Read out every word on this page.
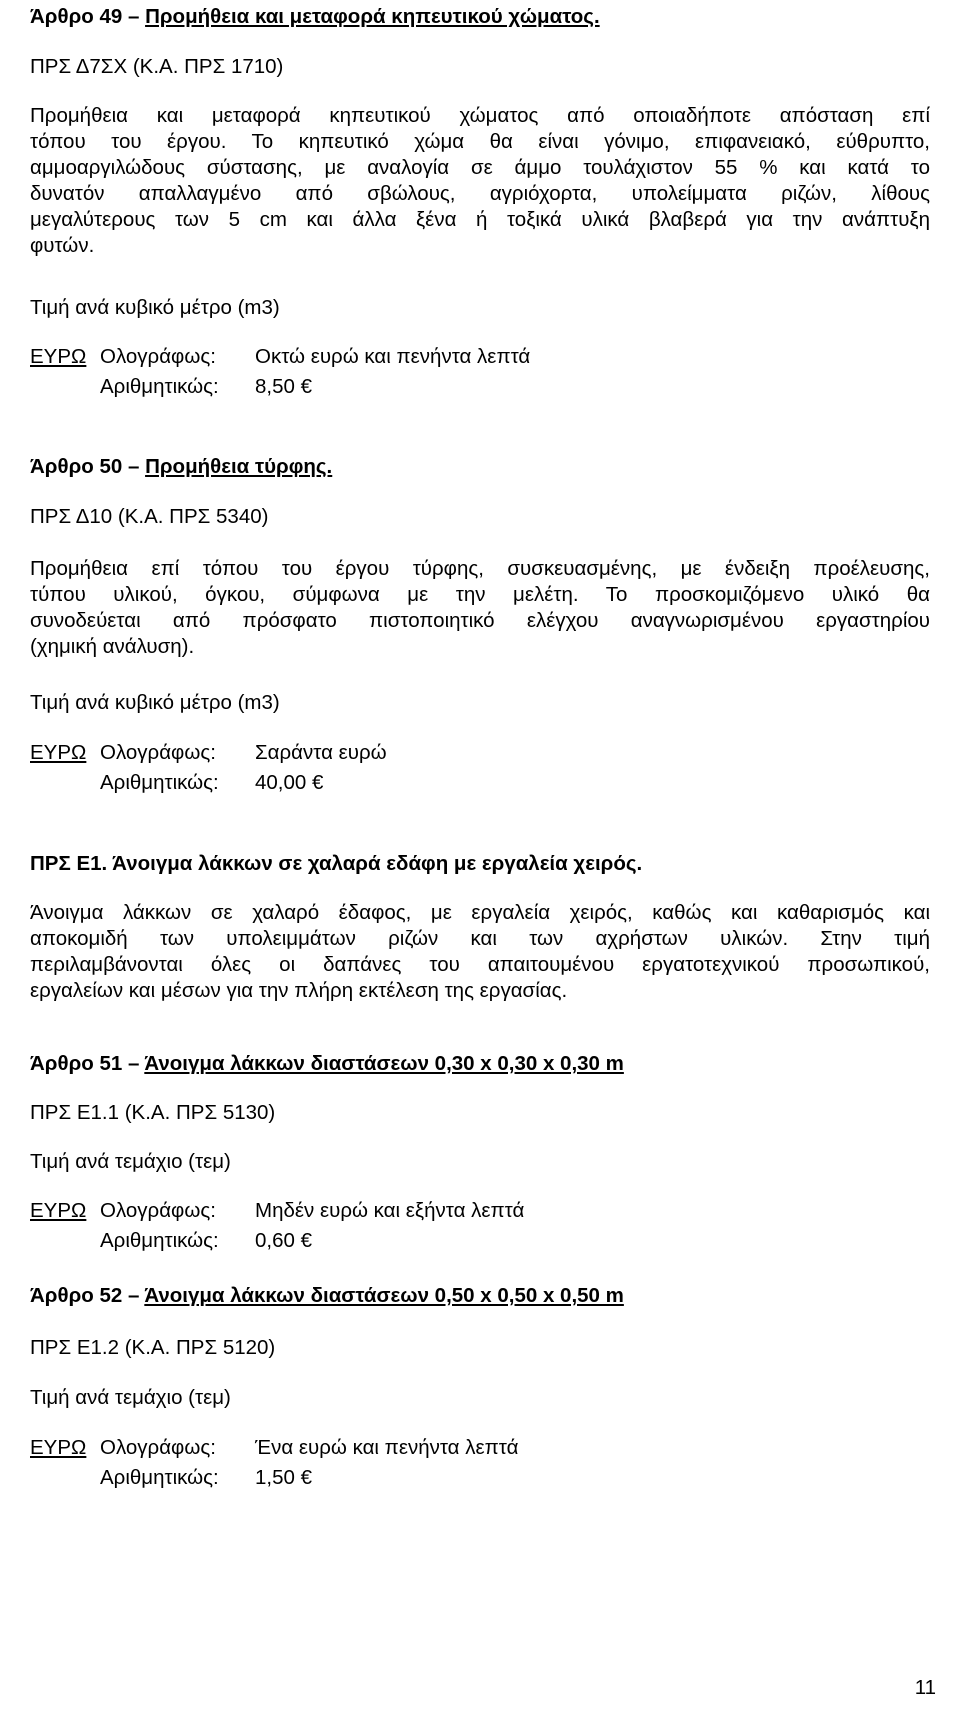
Άρθρο 49 – Προμήθεια και μεταφορά κηπευτικού χώματος.
ΠΡΣ Δ7ΣΧ (Κ.Α. ΠΡΣ 1710)

Προμήθεια και μεταφορά κηπευτικού χώματος από οποιαδήποτε απόσταση επί

τόπου του έργου. Το κηπευτικό χώμα θα είναι γόνιμο, επιφανειακό, εύθρυπτο,

αμμοαργιλώδους σύστασης, με αναλογία σε άμμο τουλάχιστον 55 % και κατά το

δυνατόν απαλλαγμένο από σβώλους, αγριόχορτα, υπολείμματα ριζών, λίθους

μεγαλύτερους των 5 cm και άλλα ξένα ή τοξικά υλικά βλαβερά για την ανάπτυξη

φυτών.

Τιμή ανά κυβικό μέτρο (m3)
ΕΥΡΩ Ολογράφως: Οκτώ ευρώ και πενήντα λεπτά
Αριθμητικώς: 8,50 €
Άρθρο 50 – Προμήθεια τύρφης.
ΠΡΣ Δ10 (Κ.Α. ΠΡΣ 5340)

Προμήθεια επί τόπου του έργου τύρφης, συσκευασμένης, με ένδειξη προέλευσης,

τύπου υλικού, όγκου, σύμφωνα με την μελέτη. Το προσκομιζόμενο υλικό θα

συνοδεύεται από πρόσφατο πιστοποιητικό ελέγχου αναγνωρισμένου εργαστηρίου

(χημική ανάλυση).

Τιμή ανά κυβικό μέτρο (m3)
ΕΥΡΩ Ολογράφως: Σαράντα ευρώ
Αριθμητικώς: 40,00 €
ΠΡΣ Ε1. Άνοιγμα λάκκων σε χαλαρά εδάφη με εργαλεία χειρός.

Άνοιγμα λάκκων σε χαλαρό έδαφος, με εργαλεία χειρός, καθώς και καθαρισμός και

αποκομιδή των υπολειμμάτων ριζών και των αχρήστων υλικών. Στην τιμή

περιλαμβάνονται όλες οι δαπάνες του απαιτουμένου εργατοτεχνικού προσωπικού,

εργαλείων και μέσων για την πλήρη εκτέλεση της εργασίας.

Άρθρο 51 – Άνοιγμα λάκκων διαστάσεων 0,30 x 0,30 x 0,30 m
ΠΡΣ Ε1.1 (Κ.Α. ΠΡΣ 5130)
Τιμή ανά τεμάχιο (τεμ)
ΕΥΡΩ Ολογράφως: Μηδέν ευρώ και εξήντα λεπτά
Αριθμητικώς: 0,60 €
Άρθρο 52 – Άνοιγμα λάκκων διαστάσεων 0,50 x 0,50 x 0,50 m
ΠΡΣ Ε1.2 (Κ.Α. ΠΡΣ 5120)
Τιμή ανά τεμάχιο (τεμ)
ΕΥΡΩ Ολογράφως: Ένα ευρώ και πενήντα λεπτά
Αριθμητικώς: 1,50 €
11
